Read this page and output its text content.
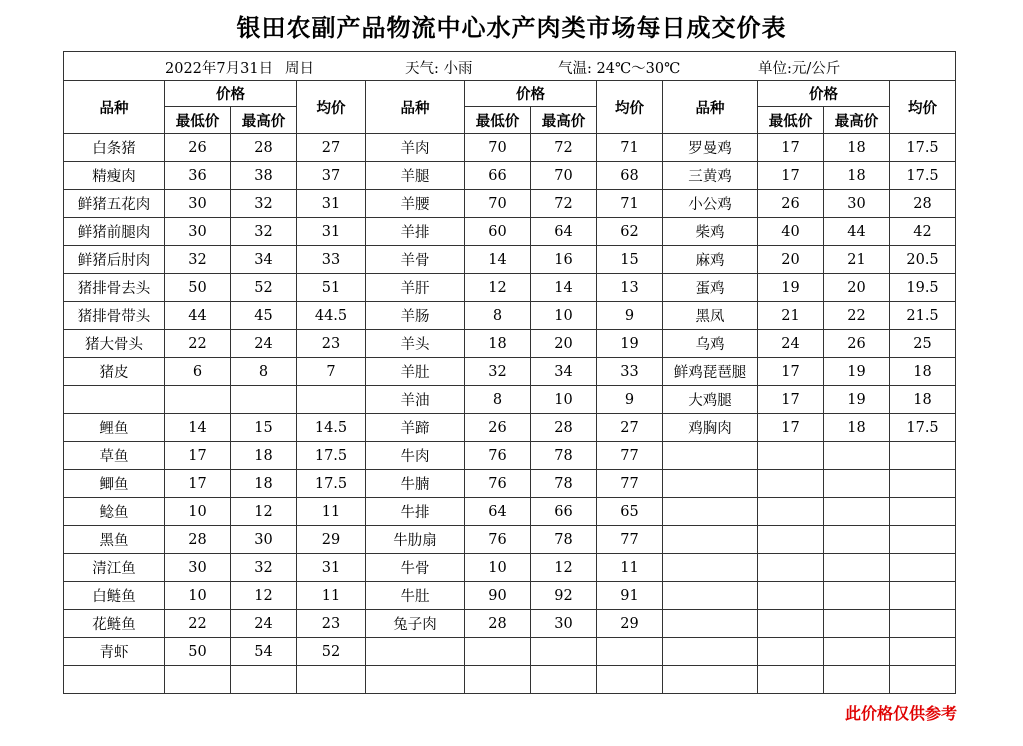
银田农副产品物流中心水产肉类市场每日成交价表
2022年7月31日 周日 天气: 小雨 气温: 24℃～30℃ 单位:元/公斤											

品种	价格		均价	品种	价格		均价	品种	价格		均价
	最低价	最高价			最低价	最高价			最低价	最高价	
白条猪	26	28	27	羊肉	70	72	71	罗曼鸡	17	18	17.5
精瘦肉	36	38	37	羊腿	66	70	68	三黄鸡	17	18	17.5
鲜猪五花肉	30	32	31	羊腰	70	72	71	小公鸡	26	30	28
鲜猪前腿肉	30	32	31	羊排	60	64	62	柴鸡	40	44	42
鲜猪后肘肉	32	34	33	羊骨	14	16	15	麻鸡	20	21	20.5
猪排骨去头	50	52	51	羊肝	12	14	13	蛋鸡	19	20	19.5
猪排骨带头	44	45	44.5	羊肠	8	10	9	黑凤	21	22	21.5
猪大骨头	22	24	23	羊头	18	20	19	乌鸡	24	26	25
猪皮	6	8	7	羊肚	32	34	33	鲜鸡琵琶腿	17	19	18
				羊油	8	10	9	大鸡腿	17	19	18
鲤鱼	14	15	14.5	羊蹄	26	28	27	鸡胸肉	17	18	17.5
草鱼	17	18	17.5	牛肉	76	78	77				
鲫鱼	17	18	17.5	牛腩	76	78	77				
鲶鱼	10	12	11	牛排	64	66	65				
黑鱼	28	30	29	牛肋扇	76	78	77				
清江鱼	30	32	31	牛骨	10	12	11				
白鲢鱼	10	12	11	牛肚	90	92	91				
花鲢鱼	22	24	23	兔子肉	28	30	29				
青虾	50	54	52								

此价格仅供参考
